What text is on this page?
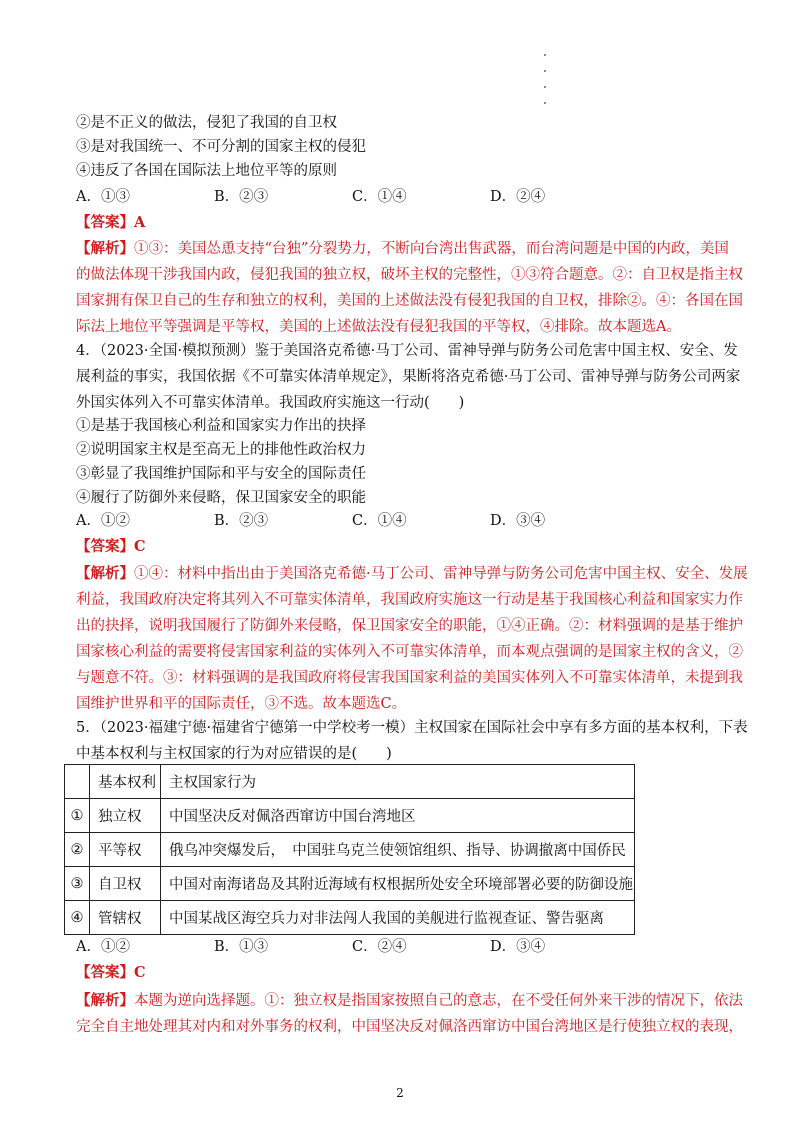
②是不正义的做法，侵犯了我国的自卫权
③是对我国统一、不可分割的国家主权的侵犯
④违反了各国在国际法上地位平等的原则
A．①③	B．②③	C．①④	D．②④
【答案】A
【解析】①③：美国怂恿支持“台独”分裂势力，不断向台湾出售武器，而台湾问题是中国的内政，美国
的做法体现干涉我国内政，侵犯我国的独立权，破坏主权的完整性，①③符合题意。②：自卫权是指主权
国家拥有保卫自己的生存和独立的权利，美国的上述做法没有侵犯我国的自卫权，排除②。④：各国在国
际法上地位平等强调是平等权，美国的上述做法没有侵犯我国的平等权，④排除。故本题选A。
4．（2023·全国·模拟预测）鉴于美国洛克希德·马丁公司、雷神导弹与防务公司危害中国主权、安全、发
展利益的事实，我国依据《不可靠实体清单规定》，果断将洛克希德·马丁公司、雷神导弹与防务公司两家
外国实体列入不可靠实体清单。我国政府实施这一行动(　　)
①是基于我国核心利益和国家实力作出的抉择
②说明国家主权是至高无上的排他性政治权力
③彰显了我国维护国际和平与安全的国际责任
④履行了防御外来侵略，保卫国家安全的职能
A．①②	B．②③	C．①④	D．③④
【答案】C
【解析】①④：材料中指出由于美国洛克希德·马丁公司、雷神导弹与防务公司危害中国主权、安全、发展
利益，我国政府决定将其列入不可靠实体清单，我国政府实施这一行动是基于我国核心利益和国家实力作
出的抉择，说明我国履行了防御外来侵略，保卫国家安全的职能，①④正确。②：材料强调的是基于维护
国家核心利益的需要将侵害国家利益的实体列入不可靠实体清单，而本观点强调的是国家主权的含义，②
与题意不符。③：材料强调的是我国政府将侵害我国国家利益的美国实体列入不可靠实体清单，未提到我
国维护世界和平的国际责任，③不选。故本题选C。
5．（2023·福建宁德·福建省宁德第一中学校考一模）主权国家在国际社会中享有多方面的基本权利，下表
中基本权利与主权国家的行为对应错误的是(　　)
	基本权利	主权国家行为
①	独立权	中国坚决反对佩洛西窜访中国台湾地区
②	平等权	俄乌冲突爆发后，　中国驻乌克兰使领馆组织、指导、协调撤离中国侨民
③	自卫权	中国对南海诸岛及其附近海域有权根据所处安全环境部署必要的防御设施
④	管辖权	中国某战区海空兵力对非法闯人我国的美舰进行监视查证、警告驱离
A．①②	B．①③	C．②④	D．③④
【答案】C
【解析】本题为逆向选择题。①：独立权是指国家按照自己的意志，在不受任何外来干涉的情况下，依法
完全自主地处理其对内和对外事务的权利，中国坚决反对佩洛西窜访中国台湾地区是行使独立权的表现，
2
